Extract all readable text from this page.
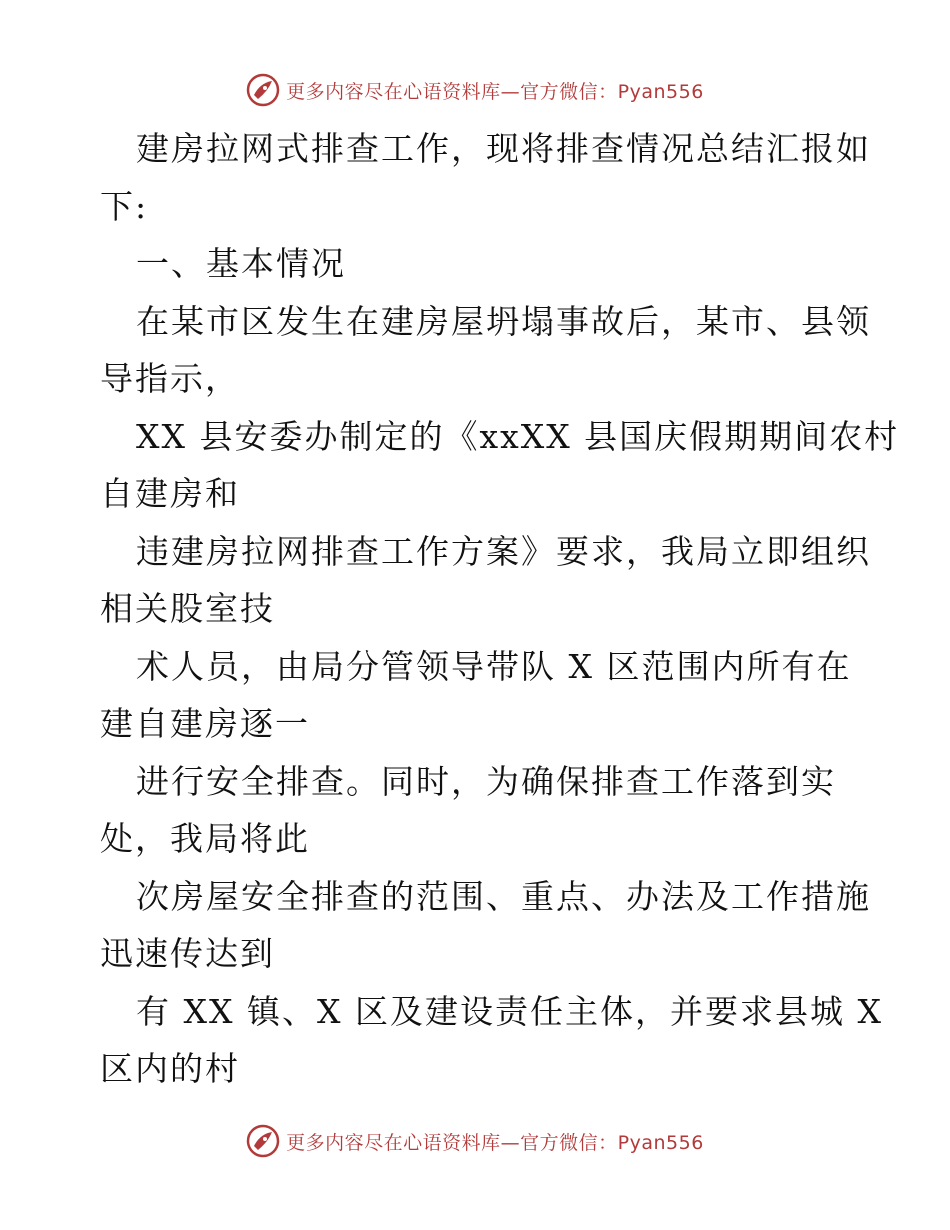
更多内容尽在心语资料库—官方微信：Pyan556
建房拉网式排查工作，现将排查情况总结汇报如
下:
一、基本情况
在某市区发生在建房屋坍塌事故后，某市、县领
导指示，
XX 县安委办制定的《xxXX 县国庆假期期间农村
自建房和
违建房拉网排查工作方案》要求，我局立即组织
相关股室技
术人员，由局分管领导带队 X 区范围内所有在
建自建房逐一
进行安全排查。同时，为确保排查工作落到实
处，我局将此
次房屋安全排查的范围、重点、办法及工作措施
迅速传达到
有 XX 镇、X 区及建设责任主体，并要求县城 X
区内的村
更多内容尽在心语资料库—官方微信：Pyan556
